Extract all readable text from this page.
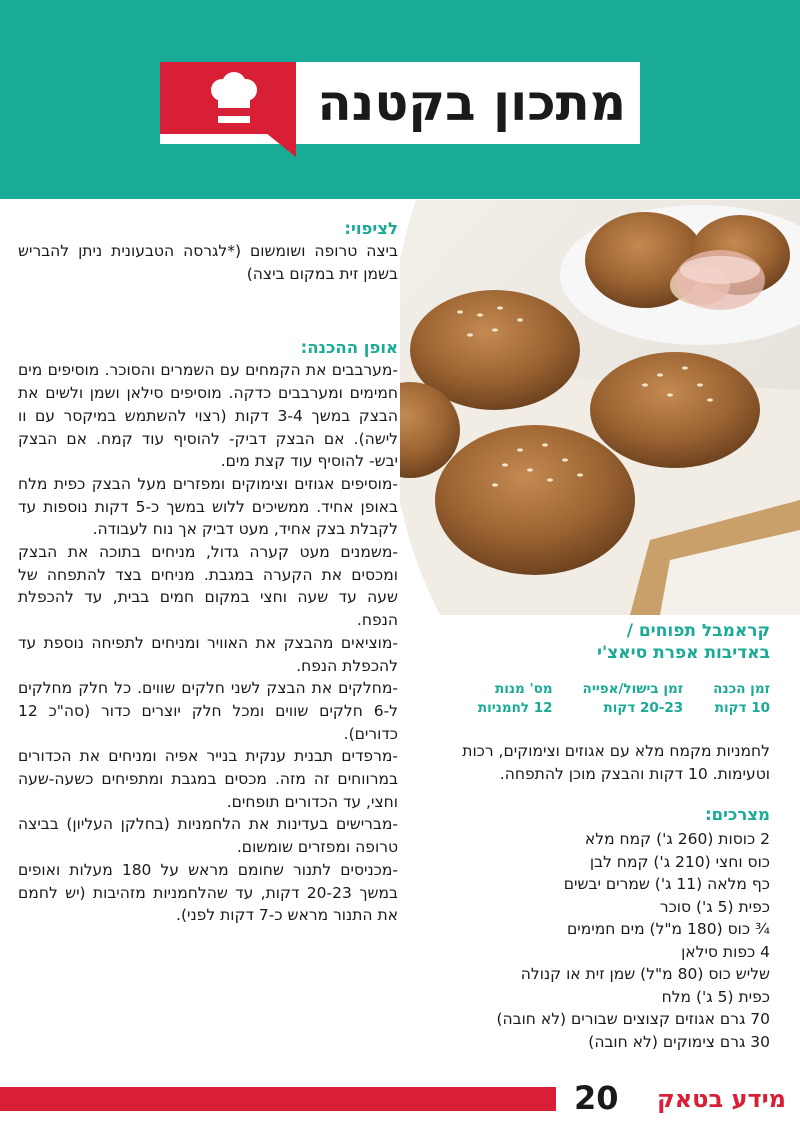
מתכון בקטנה

קראמבל תפוחים /

באדיבות אפרת סיאצ'י

זמן הכנה
10 דקות
זמן בישול/אפייה
20-23 דקות
מס' מנות
12 לחמניות
לחמניות מקמח מלא עם אגוזים וצימוקים, רכות וטעימות. 10 דקות והבצק מוכן להתפחה.
מצרכים:
2 כוסות (260 ג') קמח מלא
כוס וחצי (210 ג') קמח לבן
כף מלאה (11 ג') שמרים יבשים
כפית (5 ג') סוכר
¾ כוס (180 מ"ל) מים חמימים
4 כפות סילאן
שליש כוס (80 מ"ל) שמן זית או קנולה
כפית (5 ג') מלח
70 גרם אגוזים קצוצים שבורים (לא חובה)
30 גרם צימוקים (לא חובה)

לציפוי:

ביצה טרופה ושומשום (*לגרסה הטבעונית ניתן להבריש בשמן זית במקום ביצה)

אופן ההכנה:

-מערבבים את הקמחים עם השמרים והסוכר. מוסיפים מים חמימים ומערבבים כדקה. מוסיפים סילאן ושמן ולשים את הבצק במשך 3-4 דקות (רצוי להשתמש במיקסר עם וו לישה). אם הבצק דביק- להוסיף עוד קמח. אם הבצק יבש- להוסיף עוד קצת מים.

-מוסיפים אגוזים וצימוקים ומפזרים מעל הבצק כפית מלח באופן אחיד. ממשיכים ללוש במשך כ-5 דקות נוספות עד לקבלת בצק אחיד, מעט דביק אך נוח לעבודה.

-משמנים מעט קערה גדול, מניחים בתוכה את הבצק ומכסים את הקערה במגבת. מניחים בצד להתפחה של שעה עד שעה וחצי במקום חמים בבית, עד להכפלת הנפח.

-מוציאים מהבצק את האוויר ומניחים לתפיחה נוספת עד להכפלת הנפח.

-מחלקים את הבצק לשני חלקים שווים. כל חלק מחלקים ל-6 חלקים שווים ומכל חלק יוצרים כדור (סה"כ 12 כדורים).

-מרפדים תבנית ענקית בנייר אפיה ומניחים את הכדורים במרווחים זה מזה. מכסים במגבת ומתפיחים כשעה-שעה וחצי, עד הכדורים תופחים.

-מברישים בעדינות את הלחמניות (בחלקן העליון) בביצה טרופה ומפזרים שומשום.

-מכניסים לתנור שחומם מראש על 180 מעלות ואופים במשך 20-23 דקות, עד שהלחמניות מזהיבות (יש לחמם את התנור מראש כ-7 דקות לפני).

מידע בטאק
20
